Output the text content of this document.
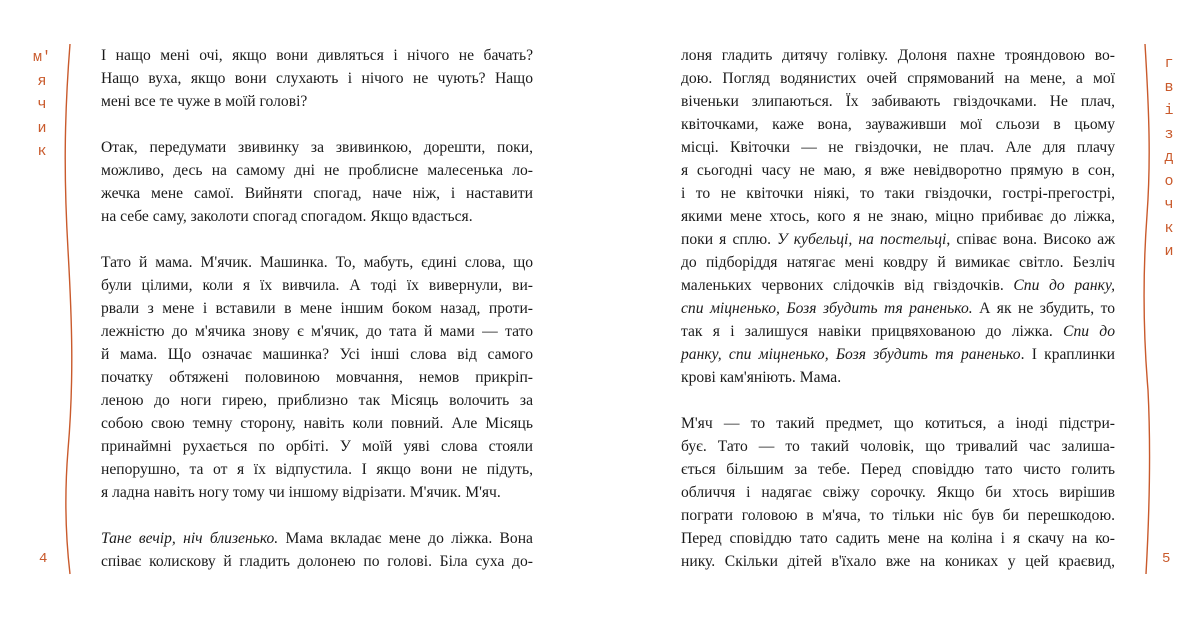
м'
я
ч
и
к
4
І нащо мені очі, якщо вони дивляться і нічого не бачать?
Нащо вуха, якщо вони слухають і нічого не чують? Нащо
мені все те чуже в моїй голові?
Отак, передумати звивинку за звивинкою, дорешти, поки,
можливо, десь на самому дні не проблисне малесенька ло-
жечка мене самої. Вийняти спогад, наче ніж, і наставити
на себе саму, заколоти спогад спогадом. Якщо вдасться.
Тато й мама. М'ячик. Машинка. То, мабуть, єдині слова, що
були цілими, коли я їх вивчила. А тоді їх вивернули, ви-
рвали з мене і вставили в мене іншим боком назад, проти-
лежністю до м'ячика знову є м'ячик, до тата й мами — тато
й мама. Що означає машинка? Усі інші слова від самого
початку обтяжені половиною мовчання, немов прикріп-
леною до ноги гирею, приблизно так Місяць волочить за
собою свою темну сторону, навіть коли повний. Але Місяць
принаймні рухається по орбіті. У моїй уяві слова стояли
непорушно, та от я їх відпустила. І якщо вони не підуть,
я ладна навіть ногу тому чи іншому відрізати. М'ячик. М'яч.
Тане вечір, ніч близенько. Мама вкладає мене до ліжка. Вона
співає колискову й гладить долонею по голові. Біла суха до-
лоня гладить дитячу голівку. Долоня пахне трояндовою во-
дою. Погляд водянистих очей спрямований на мене, а мої
віченьки злипаються. Їх забивають гвіздочками. Не плач,
квіточками, каже вона, зауваживши мої сльози в цьому
місці. Квіточки — не гвіздочки, не плач. Але для плачу
я сьогодні часу не маю, я вже невідворотно прямую в сон,
і то не квіточки ніякі, то таки гвіздочки, гострі-прегострі,
якими мене хтось, кого я не знаю, міцно прибиває до ліжка,
поки я сплю. У кубельці, на постельці, співає вона. Високо аж
до підборіддя натягає мені ковдру й вимикає світло. Безліч
маленьких червоних слідочків від гвіздочків. Спи до ранку,
спи міцненько, Бозя збудить тя раненько. А як не збудить, то
так я і залишуся навіки прицвяхованою до ліжка. Спи до
ранку, спи міцненько, Бозя збудить тя раненько. І краплинки
крові кам'яніють. Мама.
М'яч — то такий предмет, що котиться, а іноді підстри-
бує. Тато — то такий чоловік, що тривалий час залиша-
ється більшим за тебе. Перед сповіддю тато чисто голить
обличчя і надягає свіжу сорочку. Якщо би хтось вирішив
пограти головою в м'яча, то тільки ніс був би перешкодою.
Перед сповіддю тато садить мене на коліна і я скачу на ко-
нику. Скільки дітей в'їхало вже на кониках у цей краєвид,
г
в
і
з
д
о
ч
к
и
5
